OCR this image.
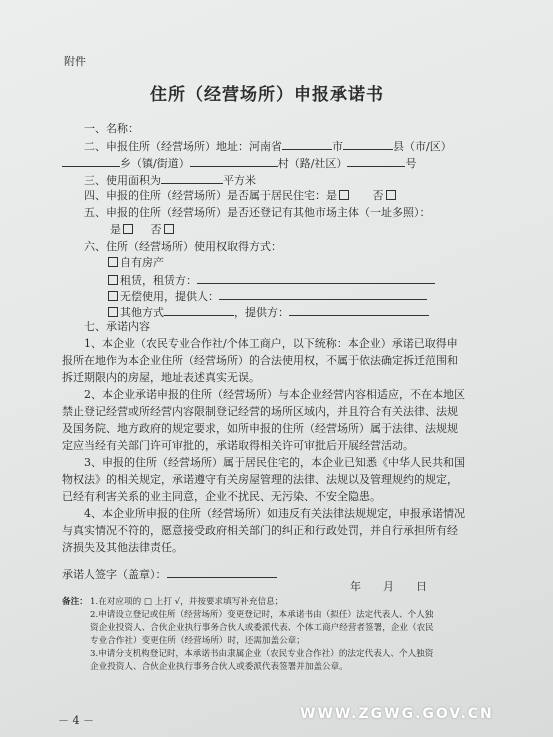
附件
住所（经营场所）申报承诺书
一、名称：
二、申报住所（经营场所）地址：河南省	市	县（市/区）
乡（镇/街道）	村（路/社区）	号
三、使用面积为	平方米
四、申报的住所（经营场所）是否属于居民住宅：是	否
五、申报的住所（经营场所）是否还登记有其他市场主体（一址多照）：
是	否
六、住所（经营场所）使用权取得方式：
自有房产
租赁，租赁方：
无偿使用，提供人：
其他方式	，提供方：
七、承诺内容
1、本企业（农民专业合作社/个体工商户，以下统称：本企业）承诺已取得申
报所在地作为本企业住所（经营场所）的合法使用权，不属于依法确定拆迁范围和
拆迁期限内的房屋，地址表述真实无误。
2、本企业承诺申报的住所（经营场所）与本企业经营内容相适应，不在本地区
禁止登记经营或所经营内容限制登记经营的场所区域内，并且符合有关法律、法规
及国务院、地方政府的规定要求，如所申报的住所（经营场所）属于法律、法规规
定应当经有关部门许可审批的，承诺取得相关许可审批后开展经营活动。
3、申报的住所（经营场所）属于居民住宅的，本企业已知悉《中华人民共和国
物权法》的相关规定，承诺遵守有关房屋管理的法律、法规以及管理规约的规定，
已经有利害关系的业主同意，企业不扰民、无污染、不安全隐患。
4、本企业所申报的住所（经营场所）如违反有关法律法规规定，申报承诺情况
与真实情况不符的，愿意接受政府相关部门的纠正和行政处罚，并自行承担所有经
济损失及其他法律责任。
承诺人签字（盖章）：
年　　月　　日
备注： 1.在对应项的 □ 上打 √，并按要求填写补充信息；
2.申请设立登记或住所（经营场所）变更登记时，本承诺书由（拟任）法定代表人、个人独
资企业投资人、合伙企业执行事务合伙人或委派代表、个体工商户经营者签署，企业（农民
专业合作社）变更住所（经营场所）时，还需加盖公章；
3.申请分支机构登记时，本承诺书由隶属企业（农民专业合作社）的法定代表人、个人独资
企业投资人、合伙企业执行事务合伙人或委派代表签署并加盖公章。
－ 4 －	WWW.ZGWG.GOV.CN
